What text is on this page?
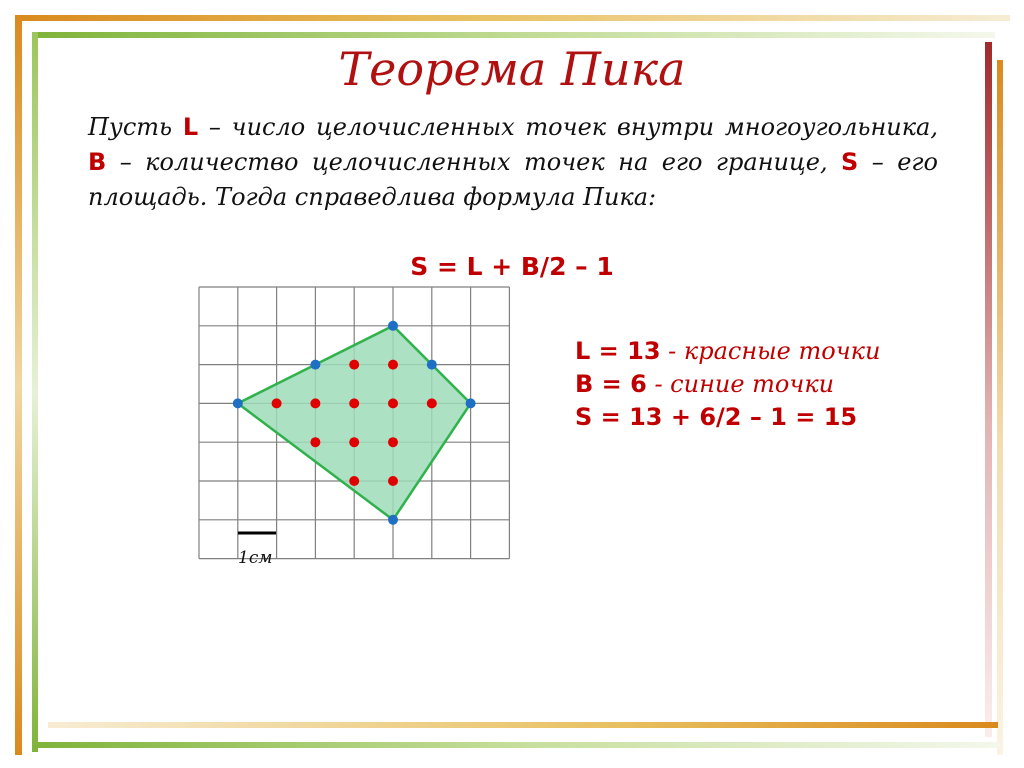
Теорема Пика
Пусть L – число целочисленных точек внутри многоугольника, B – количество целочисленных точек на его границе, S – его площадь. Тогда справедлива формула Пика:
S = L + B/2 – 1
1см
L = 13 - красные точки
B = 6 - синие точки
S = 13 + 6/2 – 1 = 15
